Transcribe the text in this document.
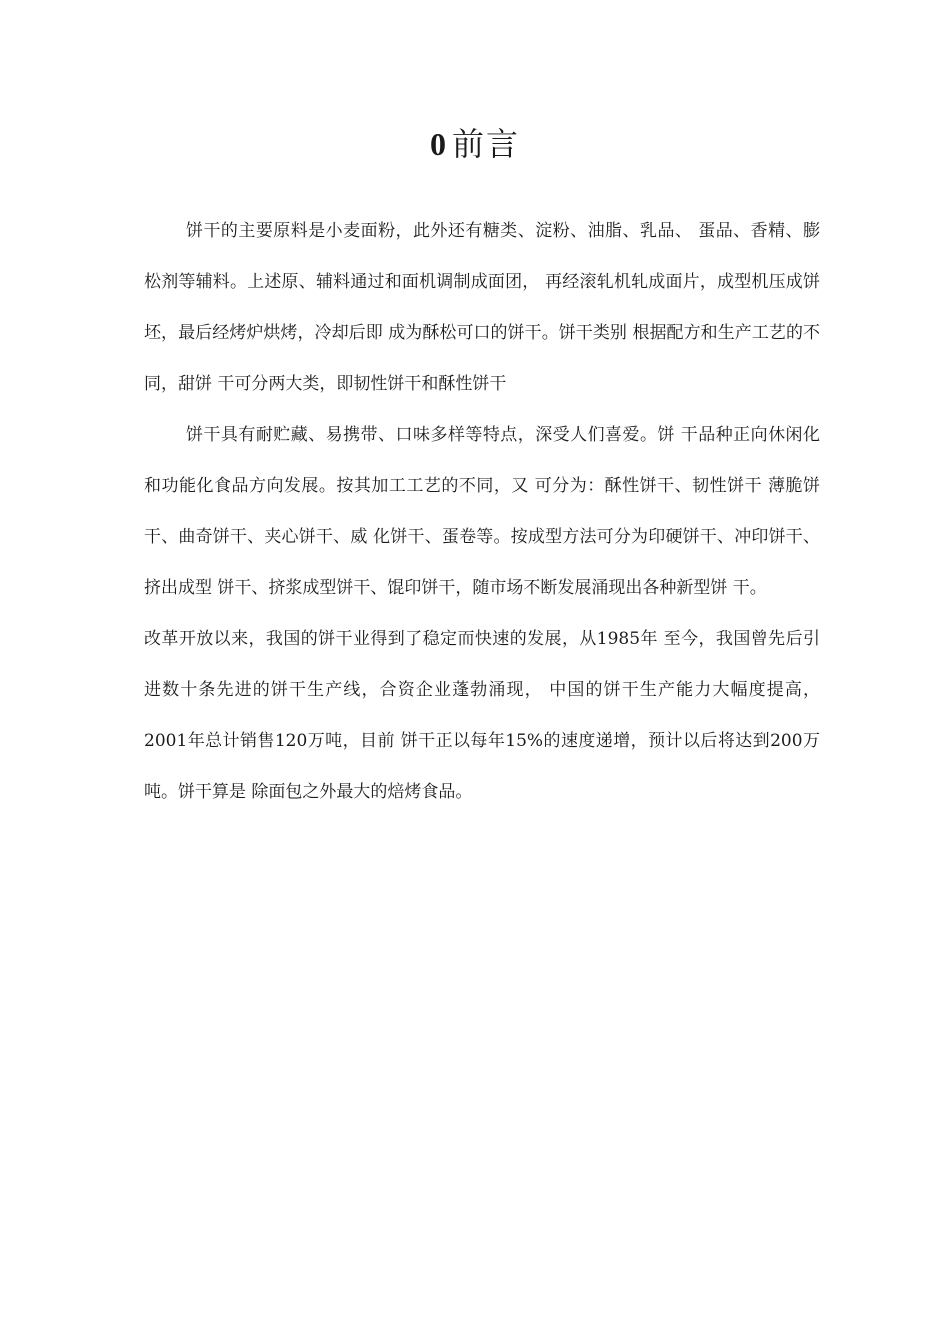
0 前言

饼干的主要原料是小麦面粉，此外还有糖类、淀粉、油脂、乳品、 蛋品、香精、膨松剂等辅料。上述原、辅料通过和面机调制成面团， 再经滚轧机轧成面片，成型机压成饼坯，最后经烤炉烘烤，冷却后即 成为酥松可口的饼干。饼干类别 根据配方和生产工艺的不同，甜饼 干可分两大类，即韧性饼干和酥性饼干

饼干具有耐贮藏、易携带、口味多样等特点，深受人们喜爱。饼 干品种正向休闲化和功能化食品方向发展。按其加工工艺的不同，又 可分为：酥性饼干、韧性饼干 薄脆饼干、曲奇饼干、夹心饼干、威 化饼干、蛋卷等。按成型方法可分为印硬饼干、冲印饼干、挤出成型 饼干、挤浆成型饼干、馄印饼干，随市场不断发展涌现出各种新型饼 干。

改革开放以来，我国的饼干业得到了稳定而快速的发展，从1985年 至今，我国曾先后引进数十条先进的饼干生产线，合资企业蓬勃涌现， 中国的饼干生产能力大幅度提高，2001年总计销售120万吨，目前 饼干正以每年15%的速度递增，预计以后将达到200万吨。饼干算是 除面包之外最大的焙烤食品。
